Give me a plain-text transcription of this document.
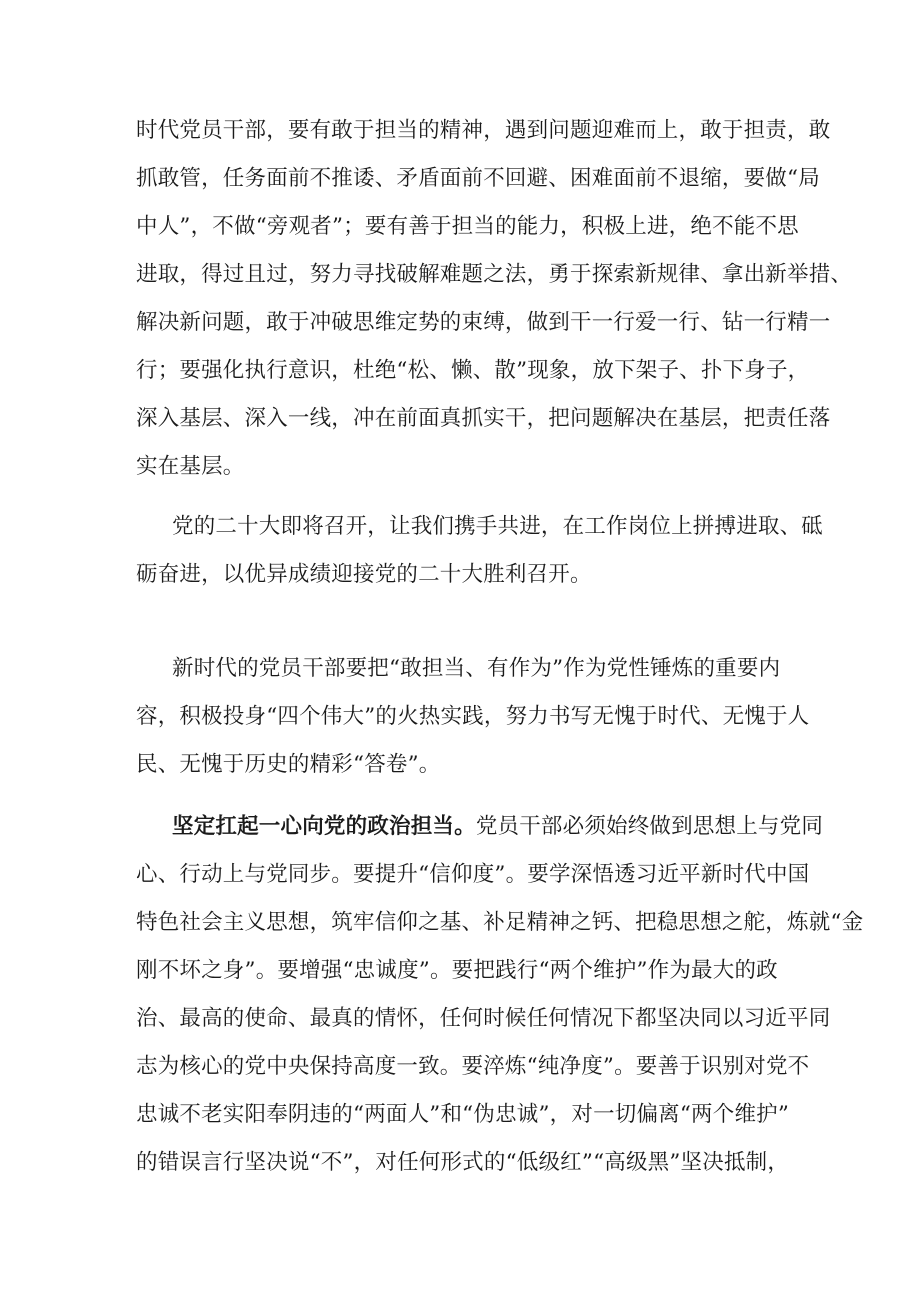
时代党员干部，要有敢于担当的精神，遇到问题迎难而上，敢于担责，敢
抓敢管，任务面前不推诿、矛盾面前不回避、困难面前不退缩，要做“局
中人”，不做“旁观者”；要有善于担当的能力，积极上进，绝不能不思
进取，得过且过，努力寻找破解难题之法，勇于探索新规律、拿出新举措、
解决新问题，敢于冲破思维定势的束缚，做到干一行爱一行、钻一行精一
行；要强化执行意识，杜绝“松、懒、散”现象，放下架子、扑下身子，
深入基层、深入一线，冲在前面真抓实干，把问题解决在基层，把责任落
实在基层。
党的二十大即将召开，让我们携手共进，在工作岗位上拼搏进取、砥
砺奋进，以优异成绩迎接党的二十大胜利召开。
新时代的党员干部要把“敢担当、有作为”作为党性锤炼的重要内
容，积极投身“四个伟大”的火热实践，努力书写无愧于时代、无愧于人
民、无愧于历史的精彩“答卷”。
坚定扛起一心向党的政治担当。党员干部必须始终做到思想上与党同
心、行动上与党同步。要提升“信仰度”。要学深悟透习近平新时代中国
特色社会主义思想，筑牢信仰之基、补足精神之钙、把稳思想之舵，炼就“金
刚不坏之身”。要增强“忠诚度”。要把践行“两个维护”作为最大的政
治、最高的使命、最真的情怀，任何时候任何情况下都坚决同以习近平同
志为核心的党中央保持高度一致。要淬炼“纯净度”。要善于识别对党不
忠诚不老实阳奉阴违的“两面人”和“伪忠诚”，对一切偏离“两个维护”
的错误言行坚决说“不”，对任何形式的“低级红”“高级黑”坚决抵制，
